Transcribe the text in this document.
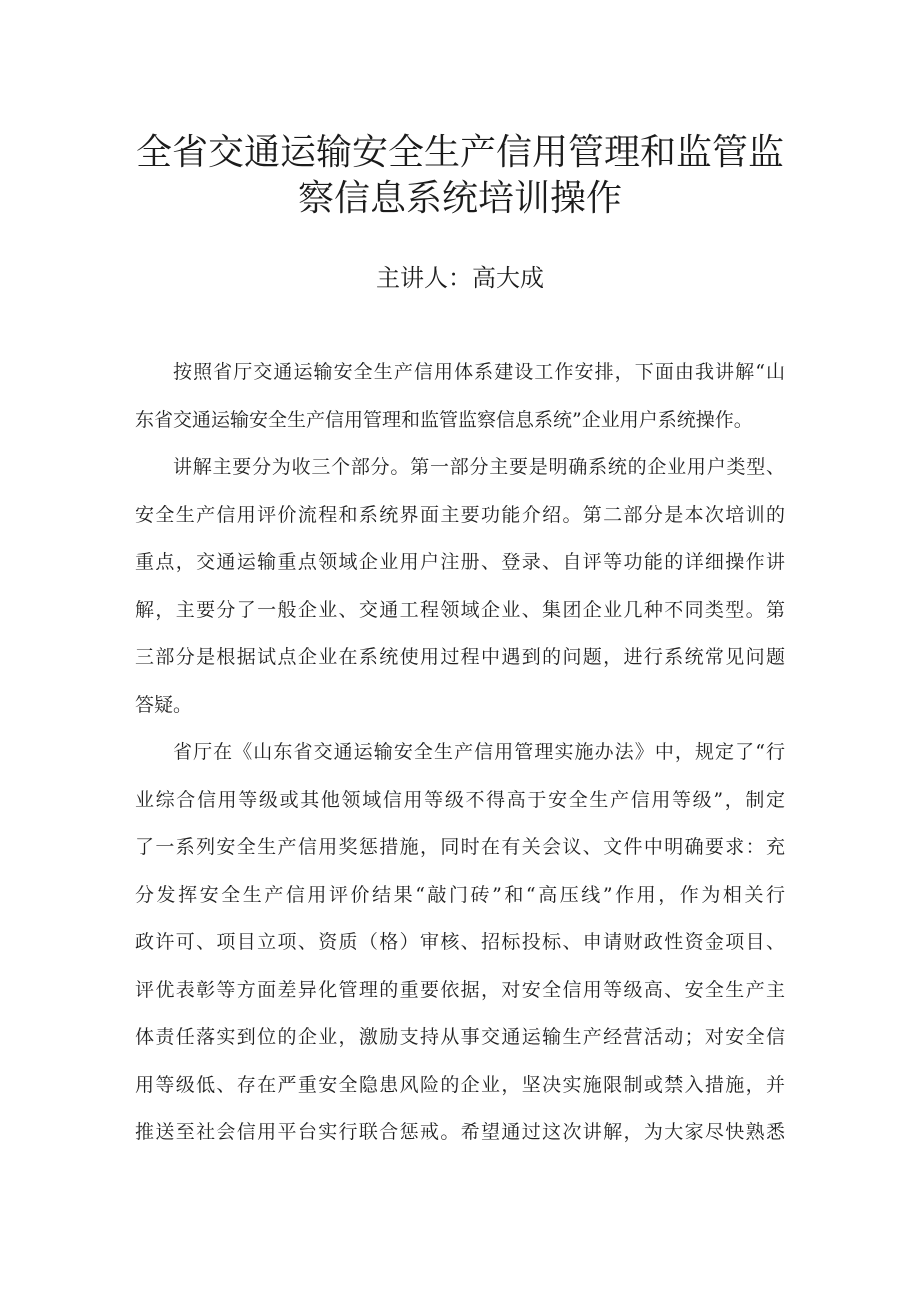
全省交通运输安全生产信用管理和监管监
察信息系统培训操作
主讲人：高大成
按照省厅交通运输安全生产信用体系建设工作安排，下面由我讲解“山
东省交通运输安全生产信用管理和监管监察信息系统”企业用户系统操作。
讲解主要分为收三个部分。第一部分主要是明确系统的企业用户类型、
安全生产信用评价流程和系统界面主要功能介绍。第二部分是本次培训的
重点，交通运输重点领域企业用户注册、登录、自评等功能的详细操作讲
解，主要分了一般企业、交通工程领域企业、集团企业几种不同类型。第
三部分是根据试点企业在系统使用过程中遇到的问题，进行系统常见问题
答疑。
省厅在《山东省交通运输安全生产信用管理实施办法》中，规定了“行
业综合信用等级或其他领域信用等级不得高于安全生产信用等级”，制定
了一系列安全生产信用奖惩措施，同时在有关会议、文件中明确要求：充
分发挥安全生产信用评价结果“敲门砖”和“高压线”作用，作为相关行
政许可、项目立项、资质（格）审核、招标投标、申请财政性资金项目、
评优表彰等方面差异化管理的重要依据，对安全信用等级高、安全生产主
体责任落实到位的企业，激励支持从事交通运输生产经营活动；对安全信
用等级低、存在严重安全隐患风险的企业，坚决实施限制或禁入措施，并
推送至社会信用平台实行联合惩戒。希望通过这次讲解，为大家尽快熟悉
